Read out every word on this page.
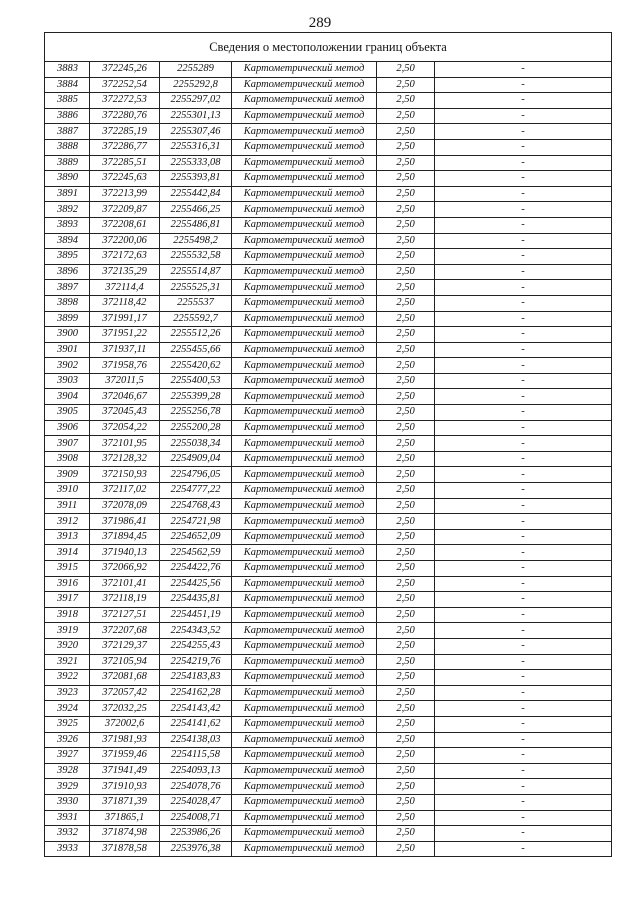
289
Сведения о местоположении границ объекта					
3883	372245,26	2255289	Картометрический метод	2,50	-
3884	372252,54	2255292,8	Картометрический метод	2,50	-
3885	372272,53	2255297,02	Картометрический метод	2,50	-
3886	372280,76	2255301,13	Картометрический метод	2,50	-
3887	372285,19	2255307,46	Картометрический метод	2,50	-
3888	372286,77	2255316,31	Картометрический метод	2,50	-
3889	372285,51	2255333,08	Картометрический метод	2,50	-
3890	372245,63	2255393,81	Картометрический метод	2,50	-
3891	372213,99	2255442,84	Картометрический метод	2,50	-
3892	372209,87	2255466,25	Картометрический метод	2,50	-
3893	372208,61	2255486,81	Картометрический метод	2,50	-
3894	372200,06	2255498,2	Картометрический метод	2,50	-
3895	372172,63	2255532,58	Картометрический метод	2,50	-
3896	372135,29	2255514,87	Картометрический метод	2,50	-
3897	372114,4	2255525,31	Картометрический метод	2,50	-
3898	372118,42	2255537	Картометрический метод	2,50	-
3899	371991,17	2255592,7	Картометрический метод	2,50	-
3900	371951,22	2255512,26	Картометрический метод	2,50	-
3901	371937,11	2255455,66	Картометрический метод	2,50	-
3902	371958,76	2255420,62	Картометрический метод	2,50	-
3903	372011,5	2255400,53	Картометрический метод	2,50	-
3904	372046,67	2255399,28	Картометрический метод	2,50	-
3905	372045,43	2255256,78	Картометрический метод	2,50	-
3906	372054,22	2255200,28	Картометрический метод	2,50	-
3907	372101,95	2255038,34	Картометрический метод	2,50	-
3908	372128,32	2254909,04	Картометрический метод	2,50	-
3909	372150,93	2254796,05	Картометрический метод	2,50	-
3910	372117,02	2254777,22	Картометрический метод	2,50	-
3911	372078,09	2254768,43	Картометрический метод	2,50	-
3912	371986,41	2254721,98	Картометрический метод	2,50	-
3913	371894,45	2254652,09	Картометрический метод	2,50	-
3914	371940,13	2254562,59	Картометрический метод	2,50	-
3915	372066,92	2254422,76	Картометрический метод	2,50	-
3916	372101,41	2254425,56	Картометрический метод	2,50	-
3917	372118,19	2254435,81	Картометрический метод	2,50	-
3918	372127,51	2254451,19	Картометрический метод	2,50	-
3919	372207,68	2254343,52	Картометрический метод	2,50	-
3920	372129,37	2254255,43	Картометрический метод	2,50	-
3921	372105,94	2254219,76	Картометрический метод	2,50	-
3922	372081,68	2254183,83	Картометрический метод	2,50	-
3923	372057,42	2254162,28	Картометрический метод	2,50	-
3924	372032,25	2254143,42	Картометрический метод	2,50	-
3925	372002,6	2254141,62	Картометрический метод	2,50	-
3926	371981,93	2254138,03	Картометрический метод	2,50	-
3927	371959,46	2254115,58	Картометрический метод	2,50	-
3928	371941,49	2254093,13	Картометрический метод	2,50	-
3929	371910,93	2254078,76	Картометрический метод	2,50	-
3930	371871,39	2254028,47	Картометрический метод	2,50	-
3931	371865,1	2254008,71	Картометрический метод	2,50	-
3932	371874,98	2253986,26	Картометрический метод	2,50	-
3933	371878,58	2253976,38	Картометрический метод	2,50	-
